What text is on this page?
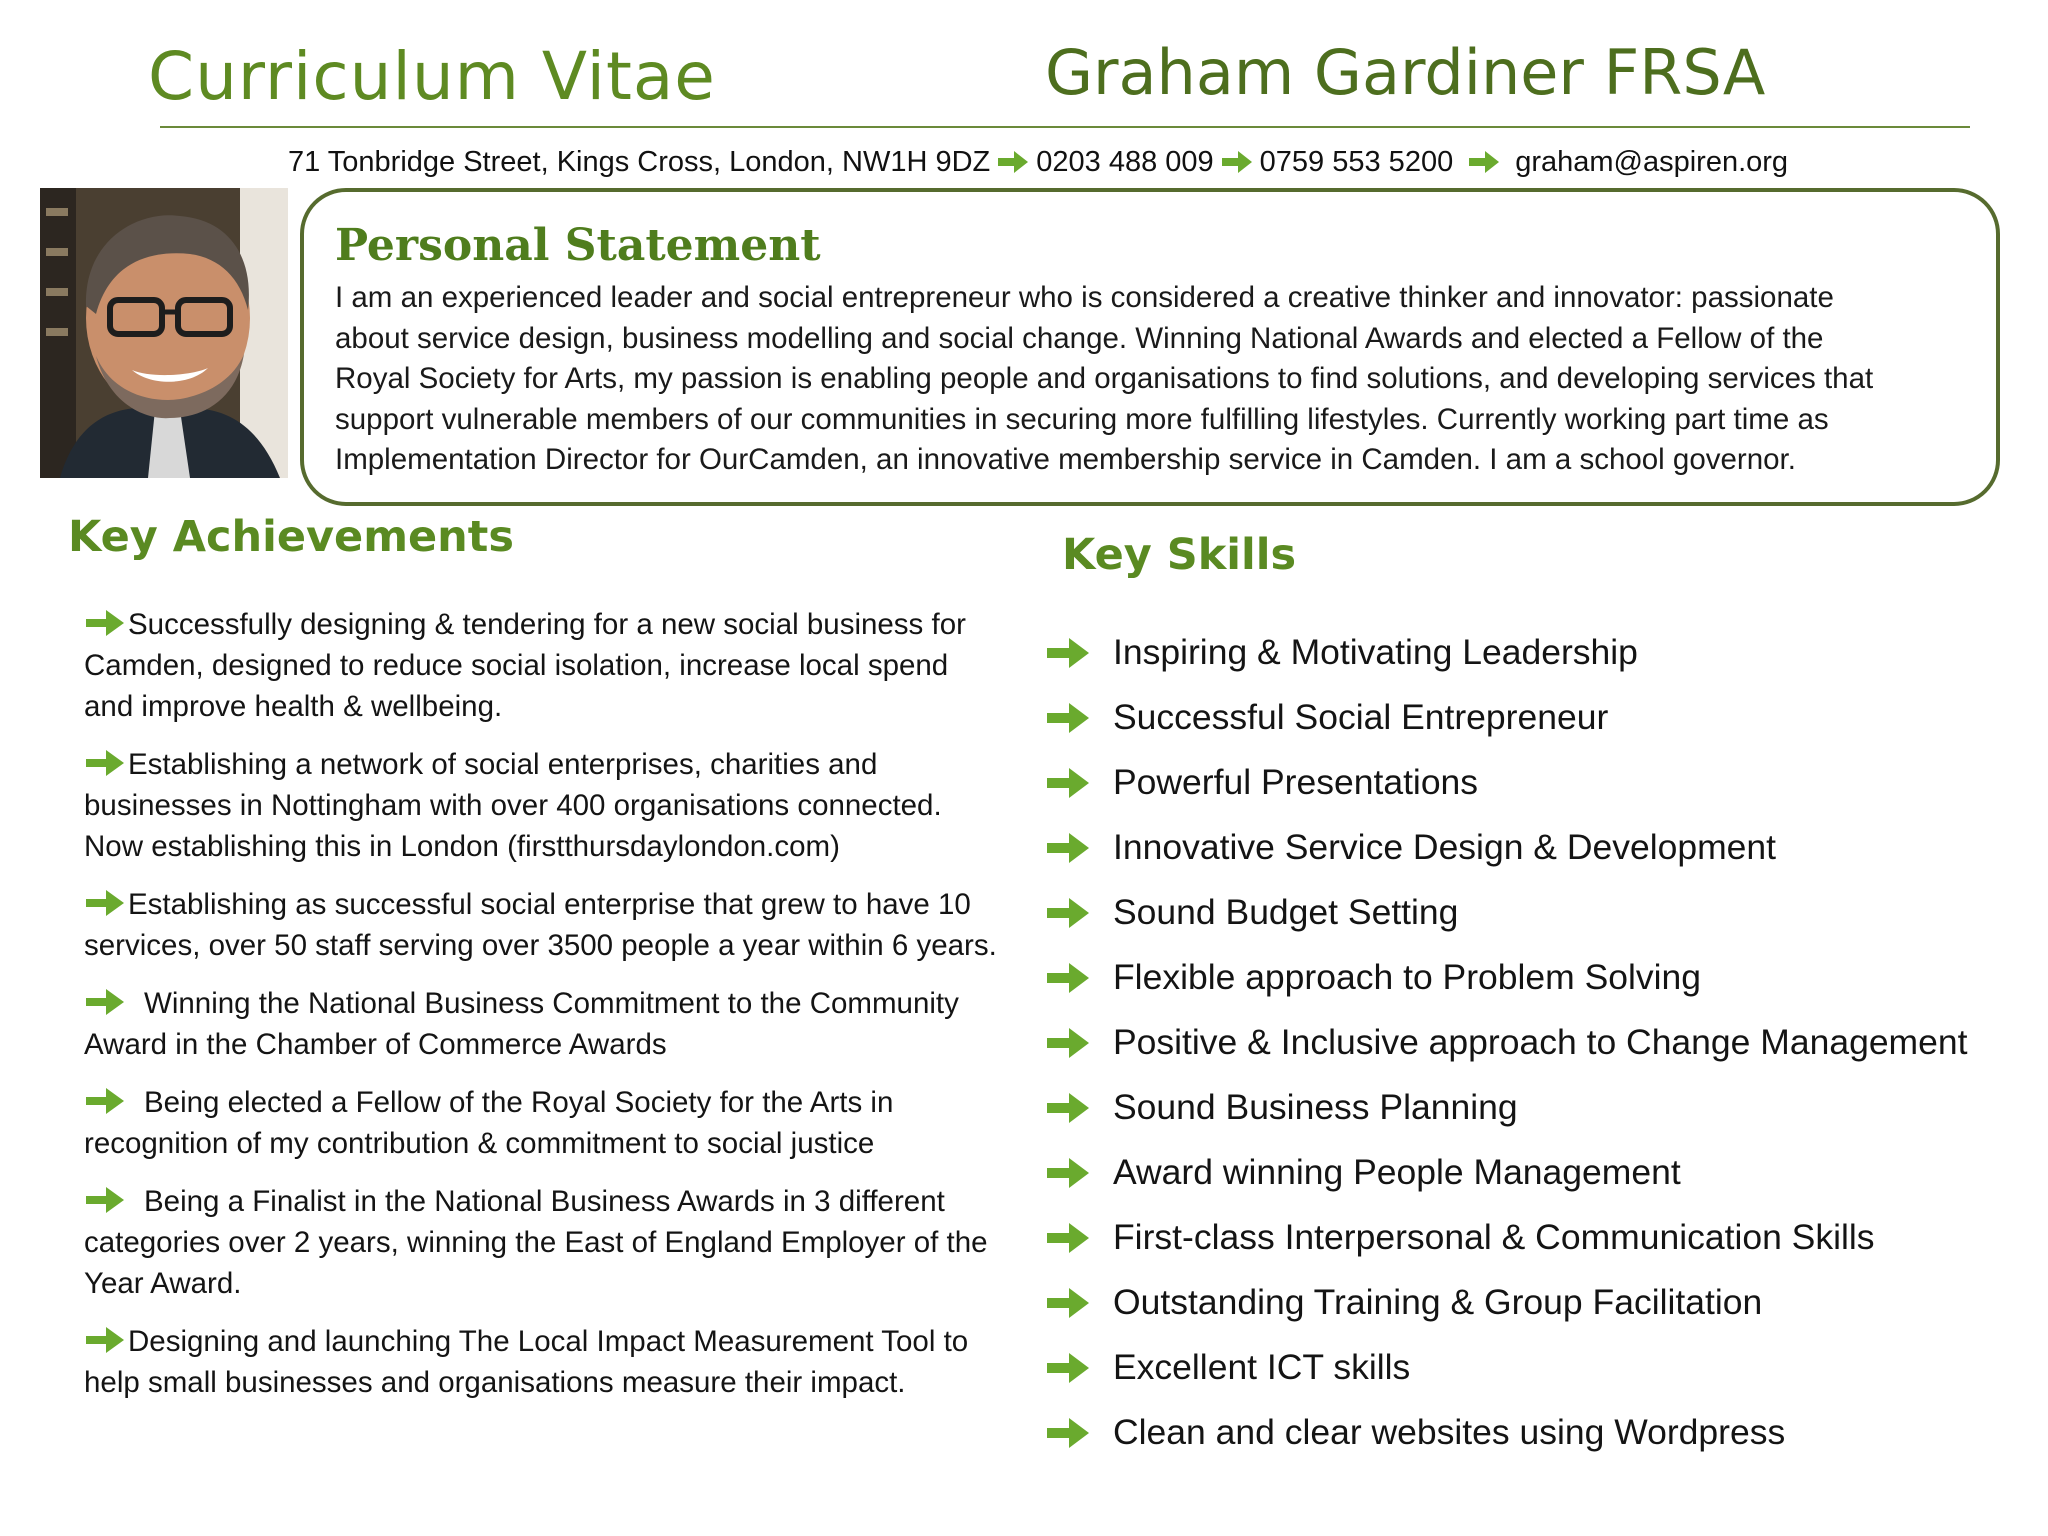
Curriculum Vitae	Graham Gardiner FRSA
71 Tonbridge Street, Kings Cross, London, NW1H 9DZ 0203 488 009 0759 553 5200 graham@aspiren.org
Personal Statement
I am an experienced leader and social entrepreneur who is considered a creative thinker and innovator: passionate
about service design, business modelling and social change. Winning National Awards and elected a Fellow of the
Royal Society for Arts, my passion is enabling people and organisations to find solutions, and developing services that
support vulnerable members of our communities in securing more fulfilling lifestyles. Currently working part time as
Implementation Director for OurCamden, an innovative membership service in Camden. I am a school governor.
Key Achievements
Successfully designing & tendering for a new social business for Camden, designed to reduce social isolation, increase local spend and improve health & wellbeing.
Establishing a network of social enterprises, charities and businesses in Nottingham with over 400 organisations connected. Now establishing this in London (firstthursdaylondon.com)
Establishing as successful social enterprise that grew to have 10 services, over 50 staff serving over 3500 people a year within 6 years.
Winning the National Business Commitment to the Community Award in the Chamber of Commerce Awards
Being elected a Fellow of the Royal Society for the Arts in recognition of my contribution & commitment to social justice
Being a Finalist in the National Business Awards in 3 different categories over 2 years, winning the East of England Employer of the Year Award.
Designing and launching The Local Impact Measurement Tool to help small businesses and organisations measure their impact.
Key Skills
Inspiring & Motivating Leadership
Successful Social Entrepreneur
Powerful Presentations
Innovative Service Design & Development
Sound Budget Setting
Flexible approach to Problem Solving
Positive & Inclusive approach to Change Management
Sound Business Planning
Award winning People Management
First-class Interpersonal & Communication Skills
Outstanding Training & Group Facilitation
Excellent ICT skills
Clean and clear websites using Wordpress
